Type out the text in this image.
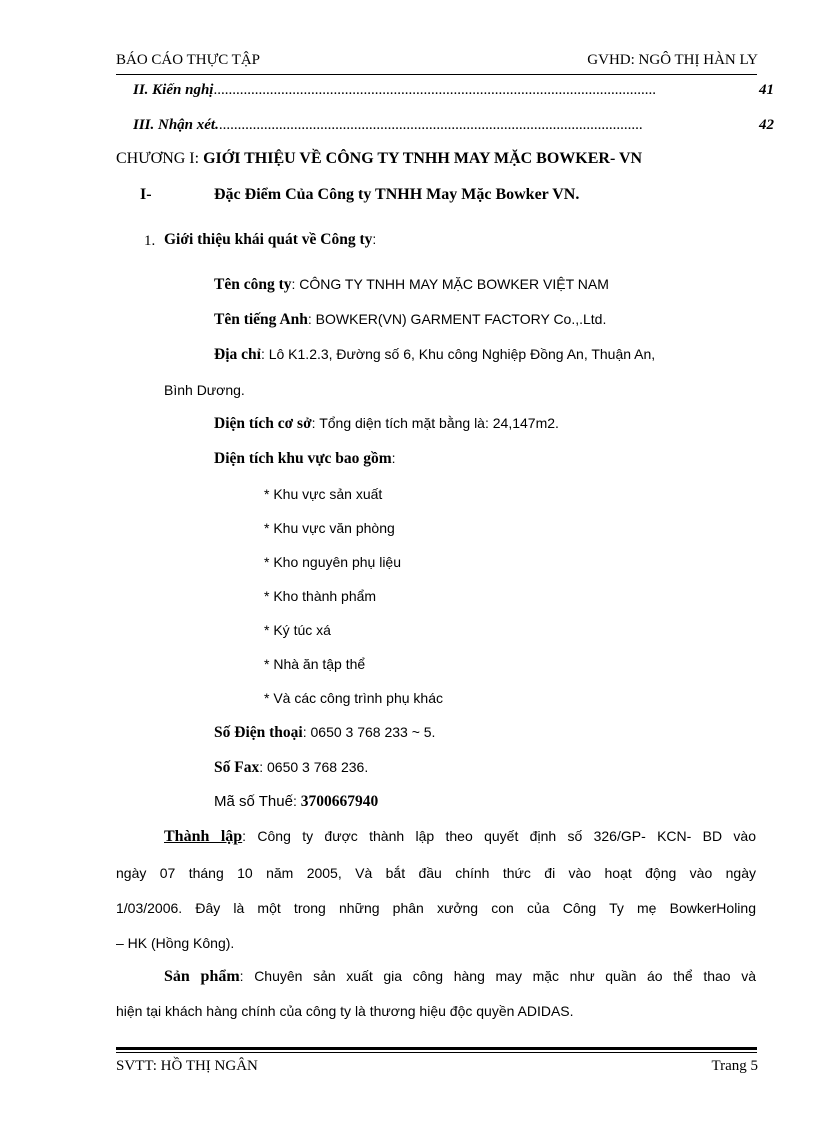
BÁO CÁO THỰC TẬP	GVHD: NGÔ THỊ HÀN LY
II. Kiến nghị......................................................................................................................	41
III. Nhận xét..................................................................................................................	42
CHƯƠNG I: GIỚI THIỆU VỀ CÔNG TY TNHH MAY MẶC BOWKER- VN
I-	Đặc Điểm Của Công ty TNHH May Mặc Bowker VN.
1. Giới thiệu khái quát về Công ty:
Tên công ty: CÔNG TY TNHH MAY MẶC BOWKER VIỆT NAM
Tên tiếng Anh: BOWKER(VN) GARMENT FACTORY Co.,.Ltd.
Địa chỉ: Lô K1.2.3, Đường số 6, Khu công Nghiệp Đồng An, Thuận An,
Bình Dương.
Diện tích cơ sở: Tổng diện tích mặt bằng là: 24,147m2.
Diện tích khu vực bao gồm:
* Khu vực sản xuất
* Khu vực văn phòng
* Kho nguyên phụ liệu
* Kho thành phẩm
* Ký túc xá
* Nhà ăn tập thể
* Và các công trình phụ khác
Số Điện thoại: 0650 3 768 233 ~ 5.
Số Fax: 0650 3 768 236.
Mã số Thuế: 3700667940
Thành lập: Công ty được thành lập theo quyết định số 326/GP- KCN- BD vào
ngày 07 tháng 10 năm 2005, Và bắt đầu chính thức đi vào hoạt động vào ngày
1/03/2006. Đây là một trong những phân xưởng con của Công Ty mẹ BowkerHoling
– HK (Hồng Kông).
Sản phẩm: Chuyên sản xuất gia công hàng may mặc như quần áo thể thao và
hiện tại khách hàng chính của công ty là thương hiệu độc quyền ADIDAS.
SVTT: HỒ THỊ NGÂN	Trang 5
